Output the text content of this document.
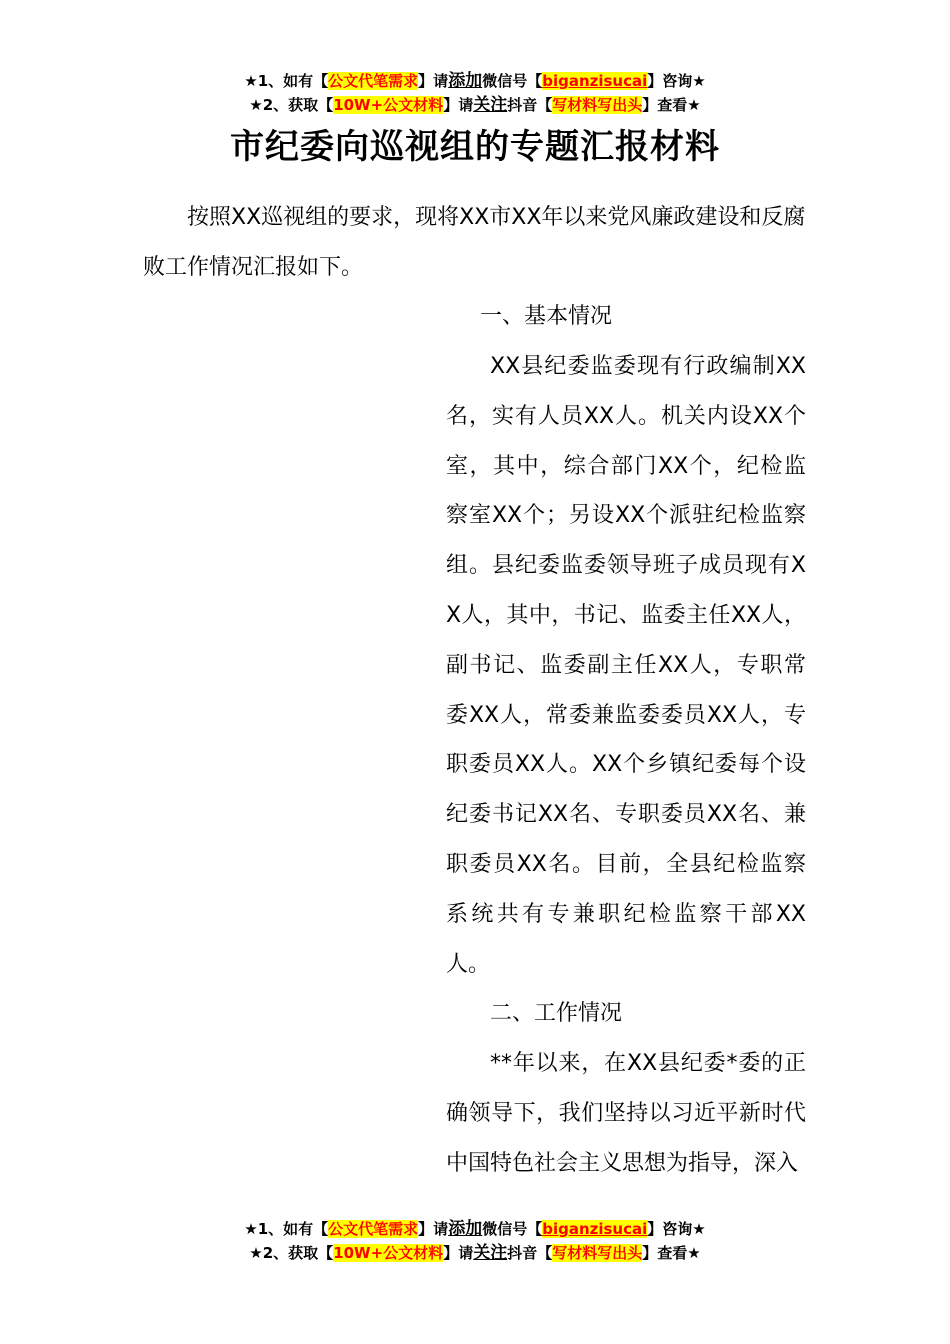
★1、如有【公文代笔需求】请添加微信号【biganzisucai】咨询★
★2、获取【10W+公文材料】请关注抖音【写材料写出头】查看★
市纪委向巡视组的专题汇报材料
按照XX巡视组的要求，现将XX市XX年以来党风廉政建设和反腐败工作情况汇报如下。
一、基本情况
XX县纪委监委现有行政编制XX名，实有人员XX人。机关内设XX个室，其中，综合部门XX个，纪检监察室XX个；另设XX个派驻纪检监察组。县纪委监委领导班子成员现有XX人，其中，书记、监委主任XX人，副书记、监委副主任XX人，专职常委XX人，常委兼监委委员XX人，专职委员XX人。XX个乡镇纪委每个设纪委书记XX名、专职委员XX名、兼职委员XX名。目前，全县纪检监察系统共有专兼职纪检监察干部XX人。
二、工作情况
**年以来，在XX县纪委*委的正确领导下，我们坚持以习近平新时代中国特色社会主义思想为指导，深入
★1、如有【公文代笔需求】请添加微信号【biganzisucai】咨询★
★2、获取【10W+公文材料】请关注抖音【写材料写出头】查看★
